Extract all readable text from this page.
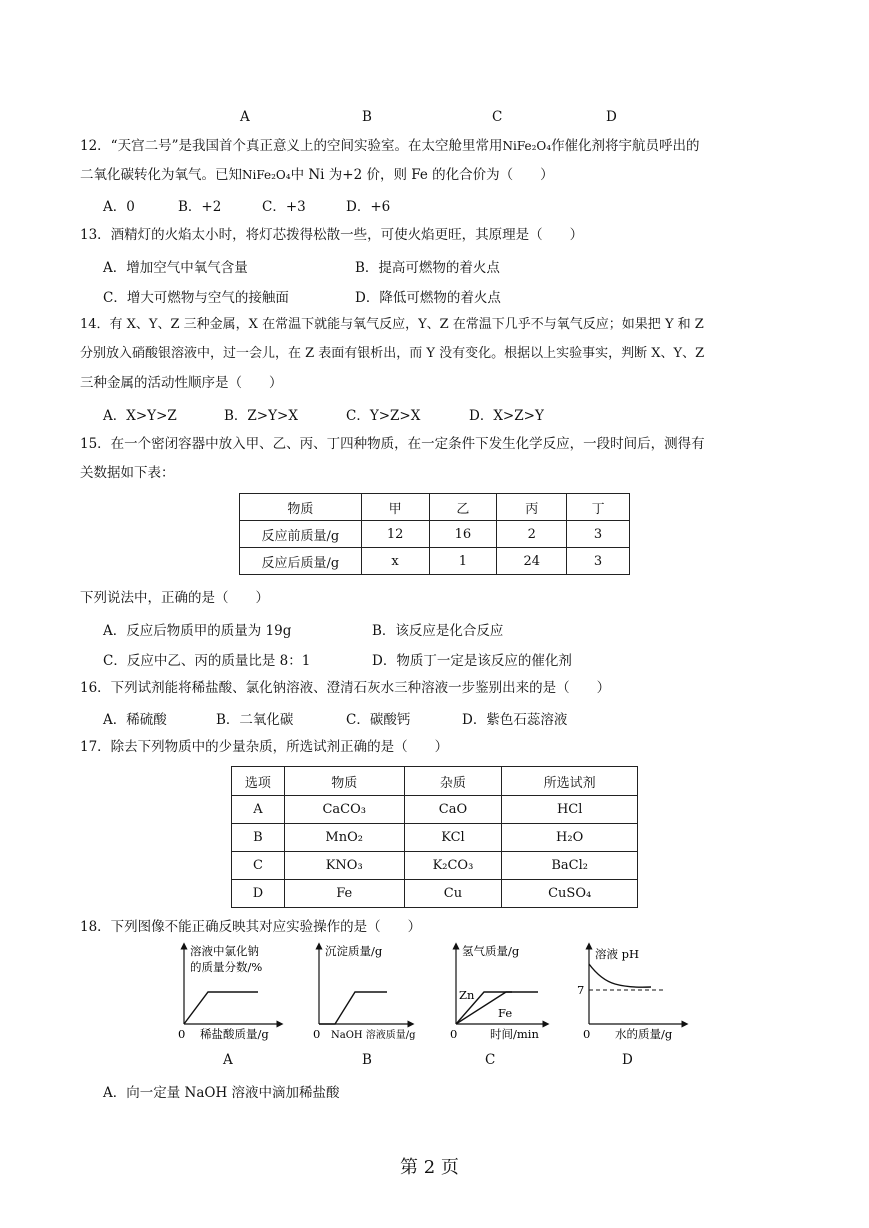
A	B	C	D
12．“天宫二号”是我国首个真正意义上的空间实验室。在太空舱里常用NiFe₂O₄作催化剂将宇航员呼出的
二氧化碳转化为氧气。已知NiFe₂O₄中 Ni 为+2 价，则 Fe 的化合价为（　　）
A．0	B．+2	C．+3	D．+6
13．酒精灯的火焰太小时，将灯芯拨得松散一些，可使火焰更旺，其原理是（　　）
A．增加空气中氧气含量	B．提高可燃物的着火点
C．增大可燃物与空气的接触面	D．降低可燃物的着火点
14．有 X、Y、Z 三种金属，X 在常温下就能与氧气反应，Y、Z 在常温下几乎不与氧气反应；如果把 Y 和 Z
分别放入硝酸银溶液中，过一会儿，在 Z 表面有银析出，而 Y 没有变化。根据以上实验事实，判断 X、Y、Z
三种金属的活动性顺序是（　　）
A．X>Y>Z	B．Z>Y>X	C．Y>Z>X	D．X>Z>Y
15．在一个密闭容器中放入甲、乙、丙、丁四种物质，在一定条件下发生化学反应，一段时间后，测得有
关数据如下表：
物质	甲	乙	丙	丁
反应前质量/g	12	16	2	3
反应后质量/g	x	1	24	3
下列说法中，正确的是（　　）
A．反应后物质甲的质量为 19g	B．该反应是化合反应
C．反应中乙、丙的质量比是 8：1	D．物质丁一定是该反应的催化剂
16．下列试剂能将稀盐酸、氯化钠溶液、澄清石灰水三种溶液一步鉴别出来的是（　　）
A．稀硫酸	B．二氧化碳	C．碳酸钙	D．紫色石蕊溶液
17．除去下列物质中的少量杂质，所选试剂正确的是（　　）
选项	物质	杂质	所选试剂
A	CaCO₃	CaO	HCl
B	MnO₂	KCl	H₂O
C	KNO₃	K₂CO₃	BaCl₂
D	Fe	Cu	CuSO₄
18．下列图像不能正确反映其对应实验操作的是（　　）
溶液中氯化钠
的质量分数/%
0 稀盐酸质量/g
A
沉淀质量/g
0 NaOH 溶液质量/g
B
氢气质量/g
Zn
Fe
0	时间/min
C
溶液 pH
7
0 水的质量/g
D
A．向一定量 NaOH 溶液中滴加稀盐酸
第 2 页
